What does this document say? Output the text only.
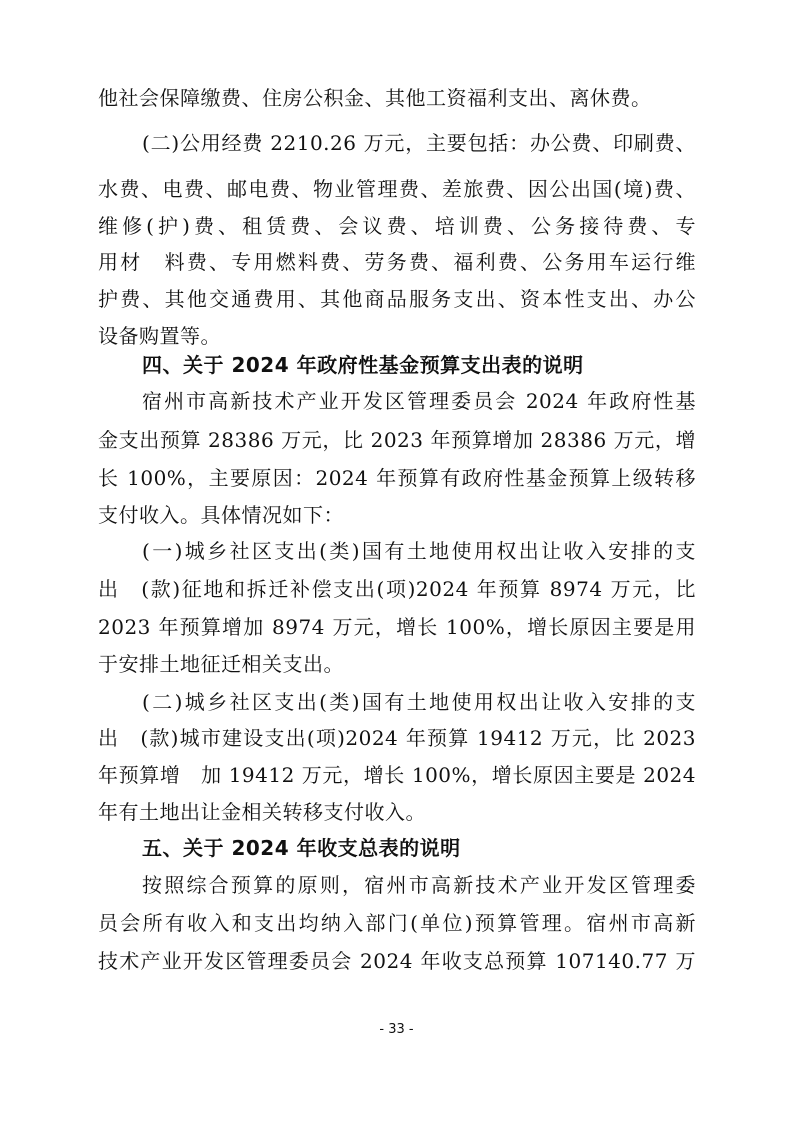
他社会保障缴费、住房公积金、其他工资福利支出、离休费。
(二)公用经费 2210.26 万元，主要包括：办公费、印刷费、
水费、电费、邮电费、物业管理费、差旅费、因公出国(境)费、
维修(护)费、租赁费、会议费、培训费、公务接待费、专
用材　料费、专用燃料费、劳务费、福利费、公务用车运行维
护费、其他交通费用、其他商品服务支出、资本性支出、办公
设备购置等。
四、关于 2024 年政府性基金预算支出表的说明
宿州市高新技术产业开发区管理委员会 2024 年政府性基
金支出预算 28386 万元，比 2023 年预算增加 28386 万元，增
长 100%，主要原因：2024 年预算有政府性基金预算上级转移
支付收入。具体情况如下：
(一)城乡社区支出(类)国有土地使用权出让收入安排的支
出　(款)征地和拆迁补偿支出(项)2024 年预算 8974 万元，比
2023 年预算增加 8974 万元，增长 100%，增长原因主要是用
于安排土地征迁相关支出。
(二)城乡社区支出(类)国有土地使用权出让收入安排的支
出　(款)城市建设支出(项)2024 年预算 19412 万元，比 2023
年预算增　加 19412 万元，增长 100%，增长原因主要是 2024
年有土地出让金相关转移支付收入。
五、关于 2024 年收支总表的说明
按照综合预算的原则，宿州市高新技术产业开发区管理委
员会所有收入和支出均纳入部门(单位)预算管理。宿州市高新
技术产业开发区管理委员会 2024 年收支总预算 107140.77 万
- 33 -
